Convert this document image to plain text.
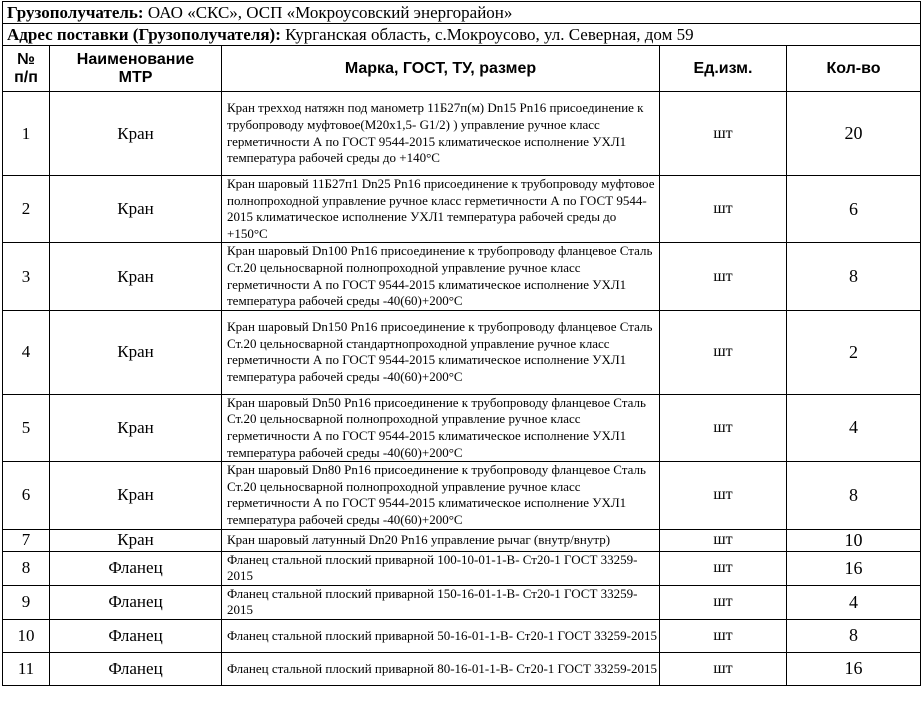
Грузополучатель: ОАО «СКС», ОСП «Мокроусовский энергорайон»				
Адрес поставки (Грузополучателя): Курганская область, с.Мокроусово, ул. Северная, дом 59				
№ п/п	Наименование МТР	Марка, ГОСТ, ТУ, размер	Ед.изм.	Кол-во
1	Кран	Кран трехход натяжн под манометр 11Б27п(м) Dn15 Pn16 присоединение к трубопроводу муфтовое(M20x1,5- G1/2) ) управление ручное класс герметичности А по ГОСТ 9544-2015 климатическое исполнение УХЛ1 температура рабочей среды до +140°C	шт	20
2	Кран	Кран шаровый 11Б27п1 Dn25 Pn16 присоединение к трубопроводу муфтовое полнопроходной управление ручное класс герметичности А по ГОСТ 9544-2015 климатическое исполнение УХЛ1 температура рабочей среды до +150°C	шт	6
3	Кран	Кран шаровый Dn100 Pn16 присоединение к трубопроводу фланцевое Сталь Ст.20 цельносварной полнопроходной управление ручное класс герметичности А по ГОСТ 9544-2015 климатическое исполнение УХЛ1 температура рабочей среды -40(60)+200°C	шт	8
4	Кран	Кран шаровый Dn150 Pn16 присоединение к трубопроводу фланцевое Сталь Ст.20 цельносварной стандартнопроходной управление ручное класс герметичности А по ГОСТ 9544-2015 климатическое исполнение УХЛ1 температура рабочей среды -40(60)+200°C	шт	2
5	Кран	Кран шаровый Dn50 Pn16 присоединение к трубопроводу фланцевое Сталь Ст.20 цельносварной полнопроходной управление ручное класс герметичности А по ГОСТ 9544-2015 климатическое исполнение УХЛ1 температура рабочей среды -40(60)+200°C	шт	4
6	Кран	Кран шаровый Dn80 Pn16 присоединение к трубопроводу фланцевое Сталь Ст.20 цельносварной полнопроходной управление ручное класс герметичности А по ГОСТ 9544-2015 климатическое исполнение УХЛ1 температура рабочей среды -40(60)+200°C	шт	8
7	Кран	Кран шаровый латунный Dn20 Pn16 управление рычаг (внутр/внутр)	шт	10
8	Фланец	Фланец стальной плоский приварной 100-10-01-1-В- Ст20-1 ГОСТ 33259-2015	шт	16
9	Фланец	Фланец стальной плоский приварной 150-16-01-1-В- Ст20-1 ГОСТ 33259-2015	шт	4
10	Фланец	Фланец стальной плоский приварной 50-16-01-1-В- Ст20-1 ГОСТ 33259-2015	шт	8
11	Фланец	Фланец стальной плоский приварной 80-16-01-1-В- Ст20-1 ГОСТ 33259-2015	шт	16
